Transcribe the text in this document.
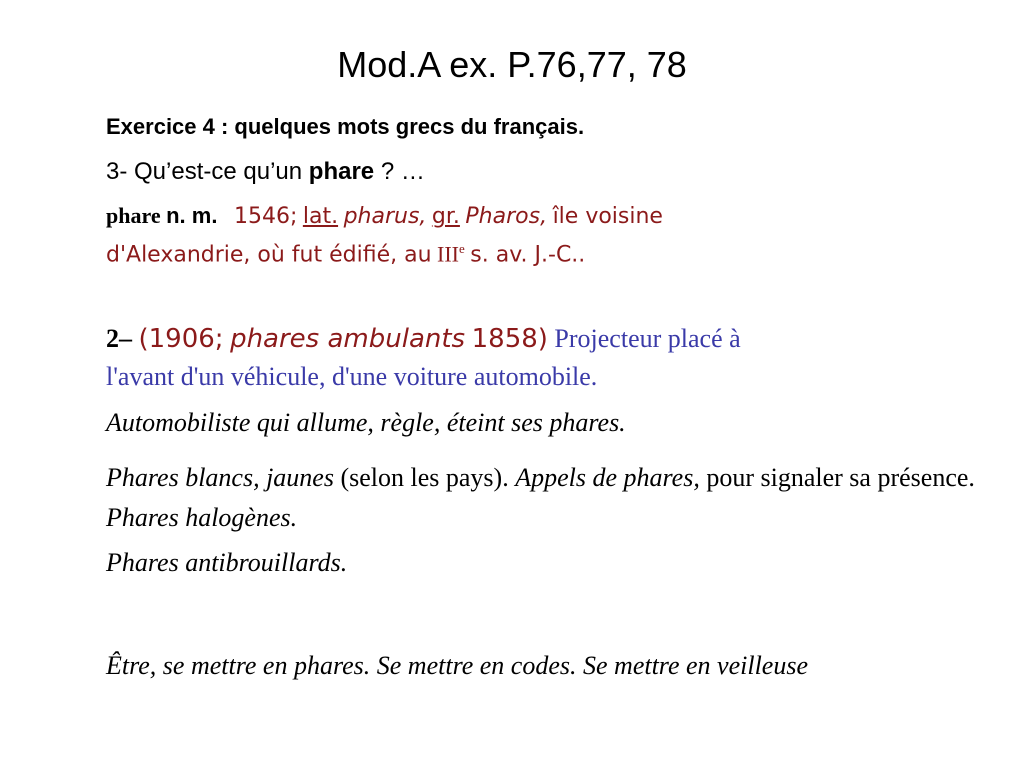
Mod.A ex. P.76,77, 78
Exercice 4 : quelques mots grecs du français.
3- Qu’est-ce qu’un phare ? …
phare n. m. 1546; lat. pharus, gr. Pharos, île voisine
d'Alexandrie, où fut édifié, au IIIe s. av. J.-C..
2– (1906; phares ambulants 1858) Projecteur placé à
l'avant d'un véhicule, d'une voiture automobile.
Automobiliste qui allume, règle, éteint ses phares.
Phares blancs, jaunes (selon les pays). Appels de phares, pour signaler sa présence. Phares halogènes.
Phares antibrouillards.
Être, se mettre en phares. Se mettre en codes. Se mettre en veilleuse
